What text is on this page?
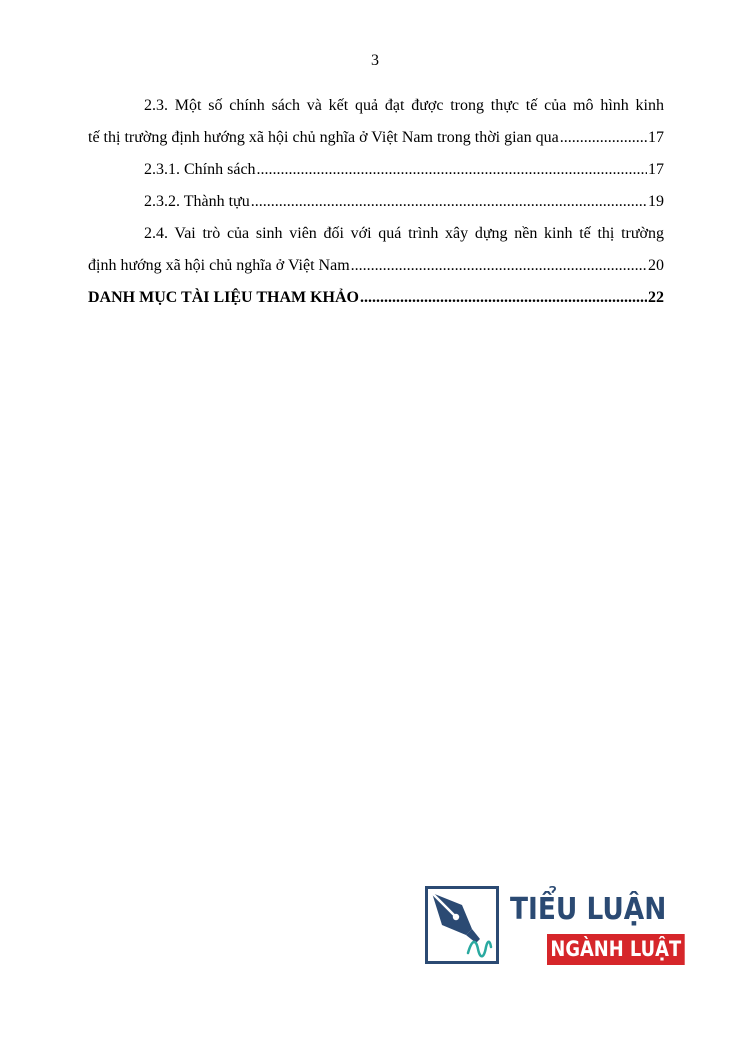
3
2.3. Một số chính sách và kết quả đạt được trong thực tế của mô hình kinh
tế thị trường định hướng xã hội chủ nghĩa ở Việt Nam trong thời gian qua .....	17
2.3.1. Chính sách .....	17
2.3.2. Thành tựu .....	19
2.4. Vai trò của sinh viên đối với quá trình xây dựng nền kinh tế thị trường
định hướng xã hội chủ nghĩa ở Việt Nam .....	20
DANH MỤC TÀI LIỆU THAM KHẢO .....	22
TIỂU LUẬN
NGÀNH LUẬT
